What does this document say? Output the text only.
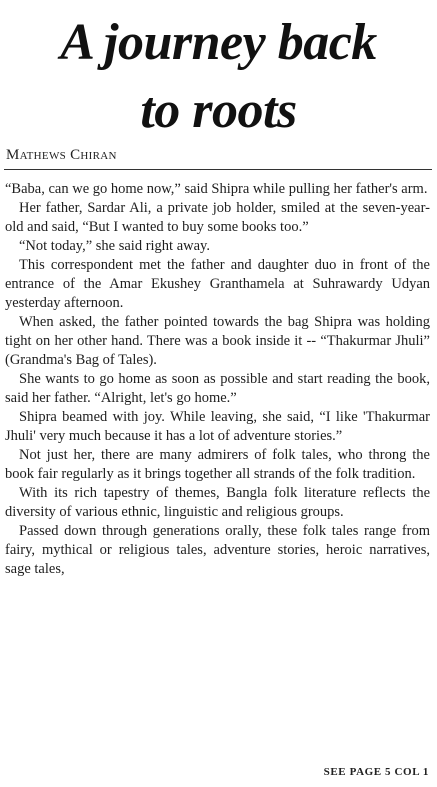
A journey back
to roots
Mathews Chiran

“Baba, can we go home now,” said Shipra while pulling her father's arm.

Her father, Sardar Ali, a private job holder, smiled at the seven-year-old and said, “But I wanted to buy some books too.”

“Not today,” she said right away.

This correspondent met the father and daughter duo in front of the entrance of the Amar Ekushey Granthamela at Suhrawardy Udyan yesterday afternoon.

When asked, the father pointed towards the bag Shipra was holding tight on her other hand. There was a book inside it -- “Thakurmar Jhuli” (Grandma's Bag of Tales).

She wants to go home as soon as possible and start reading the book, said her father. “Alright, let's go home.”

Shipra beamed with joy. While leaving, she said, “I like 'Thakurmar Jhuli' very much because it has a lot of adventure stories.”

Not just her, there are many admirers of folk tales, who throng the book fair regularly as it brings together all strands of the folk tradition.

With its rich tapestry of themes, Bangla folk literature reflects the diversity of various ethnic, linguistic and religious groups.

Passed down through generations orally, these folk tales range from fairy, mythical or religious tales, adventure stories, heroic narratives, sage tales,

SEE PAGE 5 COL 1
